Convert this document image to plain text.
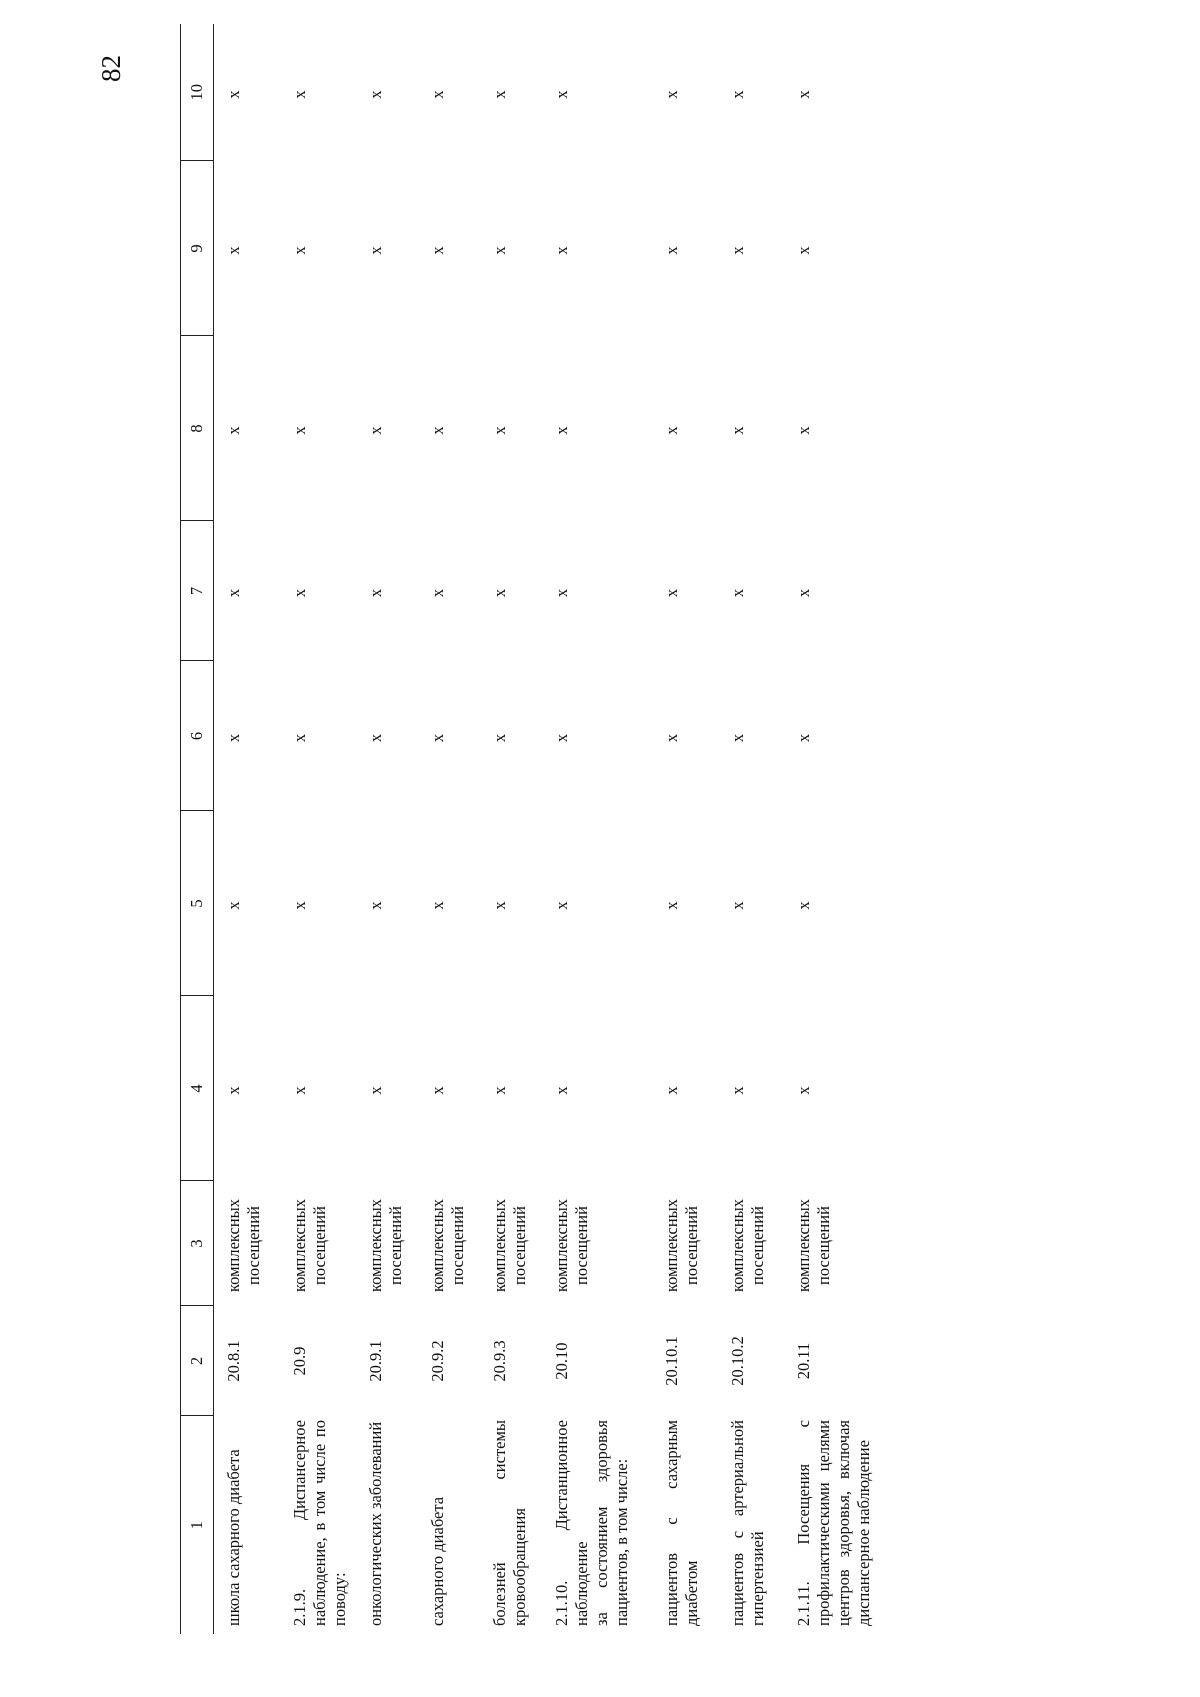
82
1	2	3	4	5	6	7	8	9	10

школа сахарного диабета	20.8.1	комплексных посещений	x	x	x	x	x	x	x

2.1.9. Диспансерное наблюдение, в том числе по поводу:	20.9	комплексных посещений	x	x	x	x	x	x	x

онкологических заболеваний	20.9.1	комплексных посещений	x	x	x	x	x	x	x

сахарного диабета	20.9.2	комплексных посещений	x	x	x	x	x	x	x

болезней системы кровообращения	20.9.3	комплексных посещений	x	x	x	x	x	x	x

2.1.10. Дистанционное наблюдение за состоянием здоровья пациентов, в том числе:	20.10	комплексных посещений	x	x	x	x	x	x	x

пациентов с сахарным диабетом	20.10.1	комплексных посещений	x	x	x	x	x	x	x

пациентов с артериальной гипертензией	20.10.2	комплексных посещений	x	x	x	x	x	x	x

2.1.11. Посещения с профилактическими целями центров здоровья, включая диспансерное наблюдение	20.11	комплексных посещений	x	x	x	x	x	x	x
